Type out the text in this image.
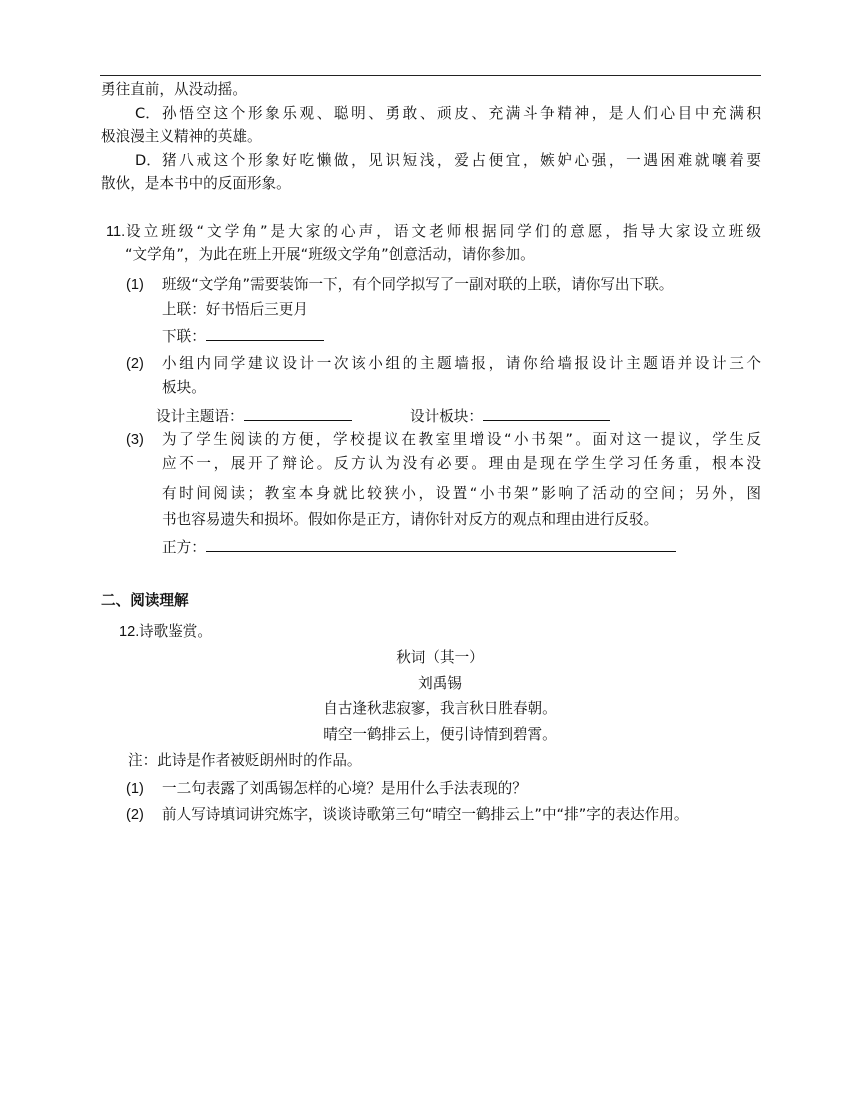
勇往直前，从没动摇。
C． 孙悟空这个形象乐观、聪明、勇敢、顽皮、充满斗争精神，是人们心目中充满积
极浪漫主义精神的英雄。
D． 猪八戒这个形象好吃懒做，见识短浅，爱占便宜，嫉妒心强，一遇困难就嚷着要
散伙，是本书中的反面形象。
11. 设立班级“文学角”是大家的心声，语文老师根据同学们的意愿，指导大家设立班级
“文学角”，为此在班上开展“班级文学角”创意活动，请你参加。
(1) 班级“文学角”需要装饰一下，有个同学拟写了一副对联的上联，请你写出下联。
上联：好书悟后三更月
下联：
(2) 小组内同学建议设计一次该小组的主题墙报，请你给墙报设计主题语并设计三个
板块。
设计主题语：	设计板块：
(3) 为了学生阅读的方便，学校提议在教室里增设“小书架”。面对这一提议，学生反
应不一，展开了辩论。反方认为没有必要。理由是现在学生学习任务重，根本没
有时间阅读；教室本身就比较狭小，设置“小书架”影响了活动的空间；另外，图
书也容易遗失和损坏。假如你是正方，请你针对反方的观点和理由进行反驳。
正方：
二、阅读理解
12. 诗歌鉴赏。
秋词（其一）
刘禹锡
自古逢秋悲寂寥，我言秋日胜春朝。
晴空一鹤排云上，便引诗情到碧霄。
注：此诗是作者被贬朗州时的作品。
(1) 一二句表露了刘禹锡怎样的心境？是用什么手法表现的？
(2) 前人写诗填词讲究炼字，谈谈诗歌第三句“晴空一鹤排云上”中“排”字的表达作用。
